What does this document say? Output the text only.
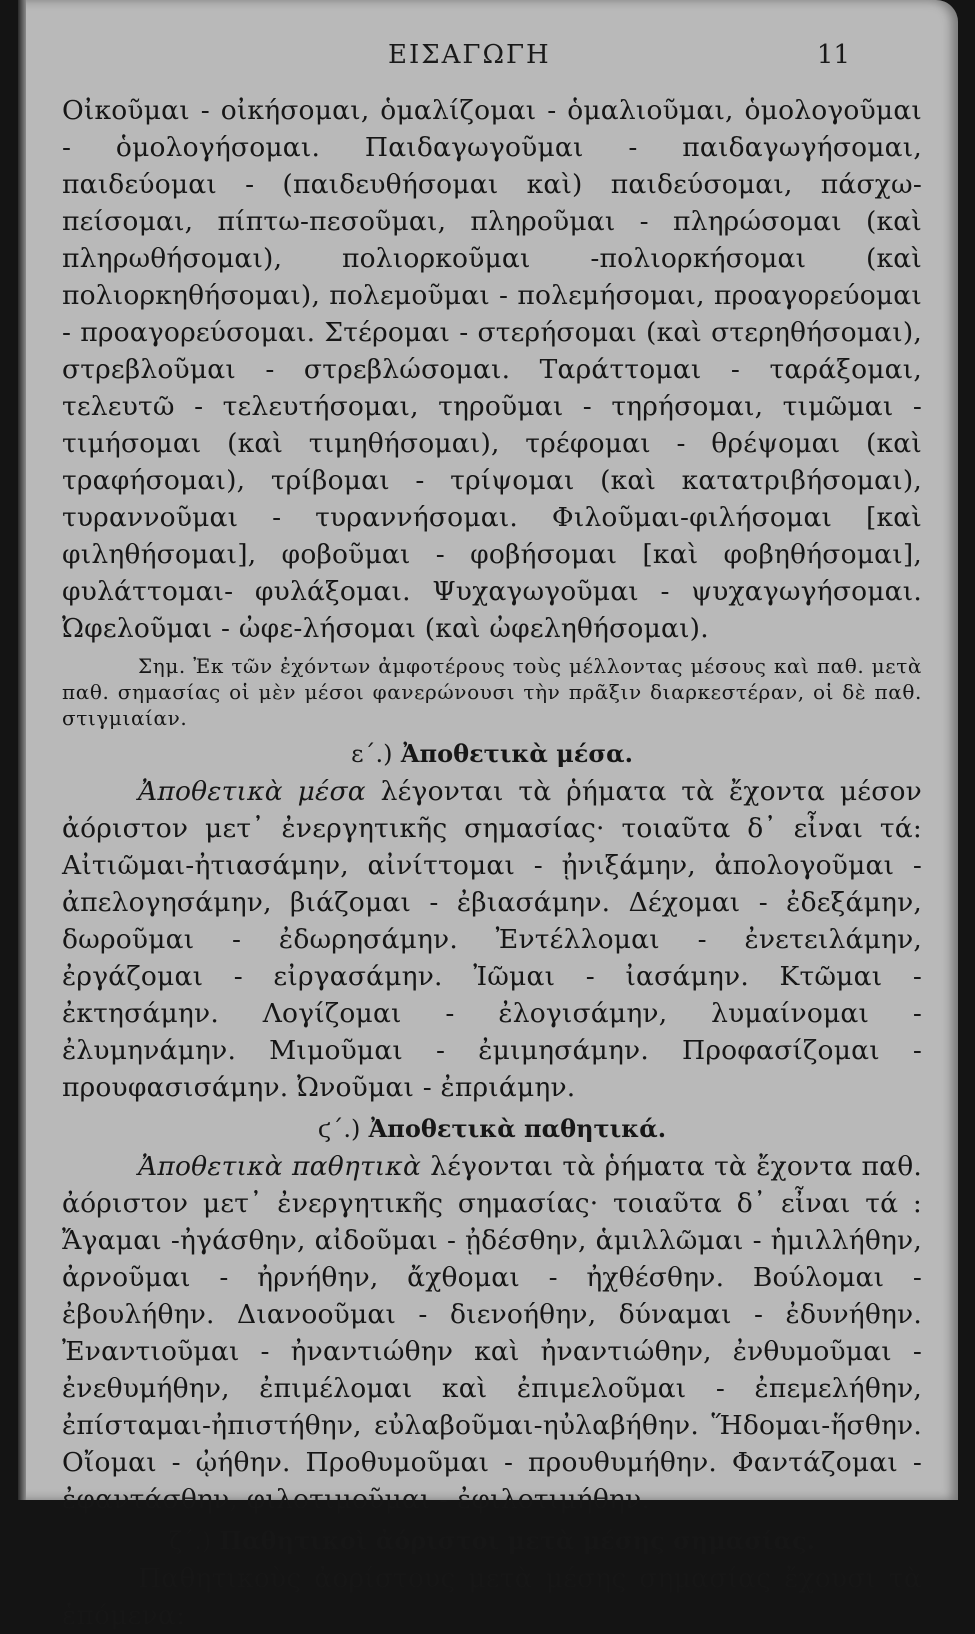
ΕΙΣΑΓΩΓΗ	11

Οἰκοῦμαι - οἰκήσομαι, ὁμαλίζομαι - ὁμαλιοῦμαι, ὁμολογοῦμαι - ὁμολογήσομαι. Παιδαγωγοῦμαι - παιδαγωγήσομαι, παιδεύομαι - (παιδευθήσομαι καὶ) παιδεύσομαι, πάσχω-πείσομαι, πίπτω-πεσοῦμαι, πληροῦμαι - πληρώσομαι (καὶ πληρωθήσομαι), πολιορκοῦμαι -πολιορκήσομαι (καὶ πολιορκηθήσομαι), πολεμοῦμαι - πολεμήσομαι, προαγορεύομαι - προαγορεύσομαι. Στέρομαι - στερήσομαι (καὶ στερηθήσομαι), στρεβλοῦμαι - στρεβλώσομαι. Ταράττομαι - ταράξομαι, τελευτῶ - τελευτήσομαι, τηροῦμαι - τηρήσομαι, τιμῶμαι - τιμήσομαι (καὶ τιμηθήσομαι), τρέφομαι - θρέψομαι (καὶ τραφήσομαι), τρίβομαι - τρίψομαι (καὶ κατατριβήσομαι), τυραννοῦμαι - τυραννήσομαι. Φιλοῦμαι-φιλήσομαι [καὶ φιληθήσομαι], φοβοῦμαι - φοβήσομαι [καὶ φοβηθήσομαι], φυλάττομαι- φυλάξομαι. Ψυχαγωγοῦμαι - ψυχαγωγήσομαι. Ὠφελοῦμαι - ὠφε-λήσομαι (καὶ ὠφεληθήσομαι).

Σημ. Ἐκ τῶν ἐχόντων ἀμφοτέρους τοὺς μέλλοντας μέσους καὶ παθ. μετὰ παθ. σημασίας οἱ μὲν μέσοι φανερώνουσι τὴν πρᾶξιν διαρκεστέραν, οἱ δὲ παθ. στιγμιαίαν.

ε΄.) Ἀποθετικὰ μέσα.

Ἀποθετικὰ μέσα λέγονται τὰ ῥήματα τὰ ἔχοντα μέσον ἀόριστον μετ᾿ ἐνεργητικῆς σημασίας· τοιαῦτα δ᾿ εἶναι τά: Αἰτιῶμαι-ἠτιασάμην, αἰνίττομαι - ᾐνιξάμην, ἀπολογοῦμαι - ἀπελογησάμην, βιάζομαι - ἐβιασάμην. Δέχομαι - ἐδεξάμην, δωροῦμαι - ἐδωρησάμην. Ἐντέλλομαι - ἐνετειλάμην, ἐργάζομαι - εἰργασάμην. Ἰῶμαι - ἰασάμην. Κτῶμαι - ἐκτησάμην. Λογίζομαι - ἐλογισάμην, λυμαίνομαι - ἐλυμηνάμην. Μιμοῦμαι - ἐμιμησάμην. Προφασίζομαι - προυφασισάμην. Ὠνοῦμαι - ἐπριάμην.

ϛ΄.) Ἀποθετικὰ παθητικά.

Ἀποθετικὰ παθητικὰ λέγονται τὰ ῥήματα τὰ ἔχοντα παθ. ἀόριστον μετ᾿ ἐνεργητικῆς σημασίας· τοιαῦτα δ᾿ εἶναι τά : Ἄγαμαι -ἠγάσθην, αἰδοῦμαι - ᾐδέσθην, ἁμιλλῶμαι - ἡμιλλήθην, ἀρνοῦμαι - ἠρνήθην, ἄχθομαι - ἠχθέσθην. Βούλομαι - ἐβουλήθην. Διανοοῦμαι - διενοήθην, δύναμαι - ἐδυνήθην. Ἐναντιοῦμαι - ἠναντιώθην καὶ ἠναντιώθην, ἐνθυμοῦμαι - ἐνεθυμήθην, ἐπιμέλομαι καὶ ἐπιμελοῦμαι - ἐπεμελήθην, ἐπίσταμαι-ἠπιστήθην, εὐλαβοῦμαι-ηὐλαβήθην. Ἥδομαι-ἥσθην. Οἴομαι - ᾠήθην. Προθυμοῦμαι - προυθυμήθην. Φαντάζομαι - ἐφαντάσθην, φιλοτιμοῦμαι - ἐφιλοτιμήθην.

ζ΄.) Παθητικοὶ ἀόριστοι μετὰ μέσης σημασίας.

Παθητικοὺς ἀορίστους μετὰ μέσης σημασίας ἔχουσι τὰ ἑπόμενα:
